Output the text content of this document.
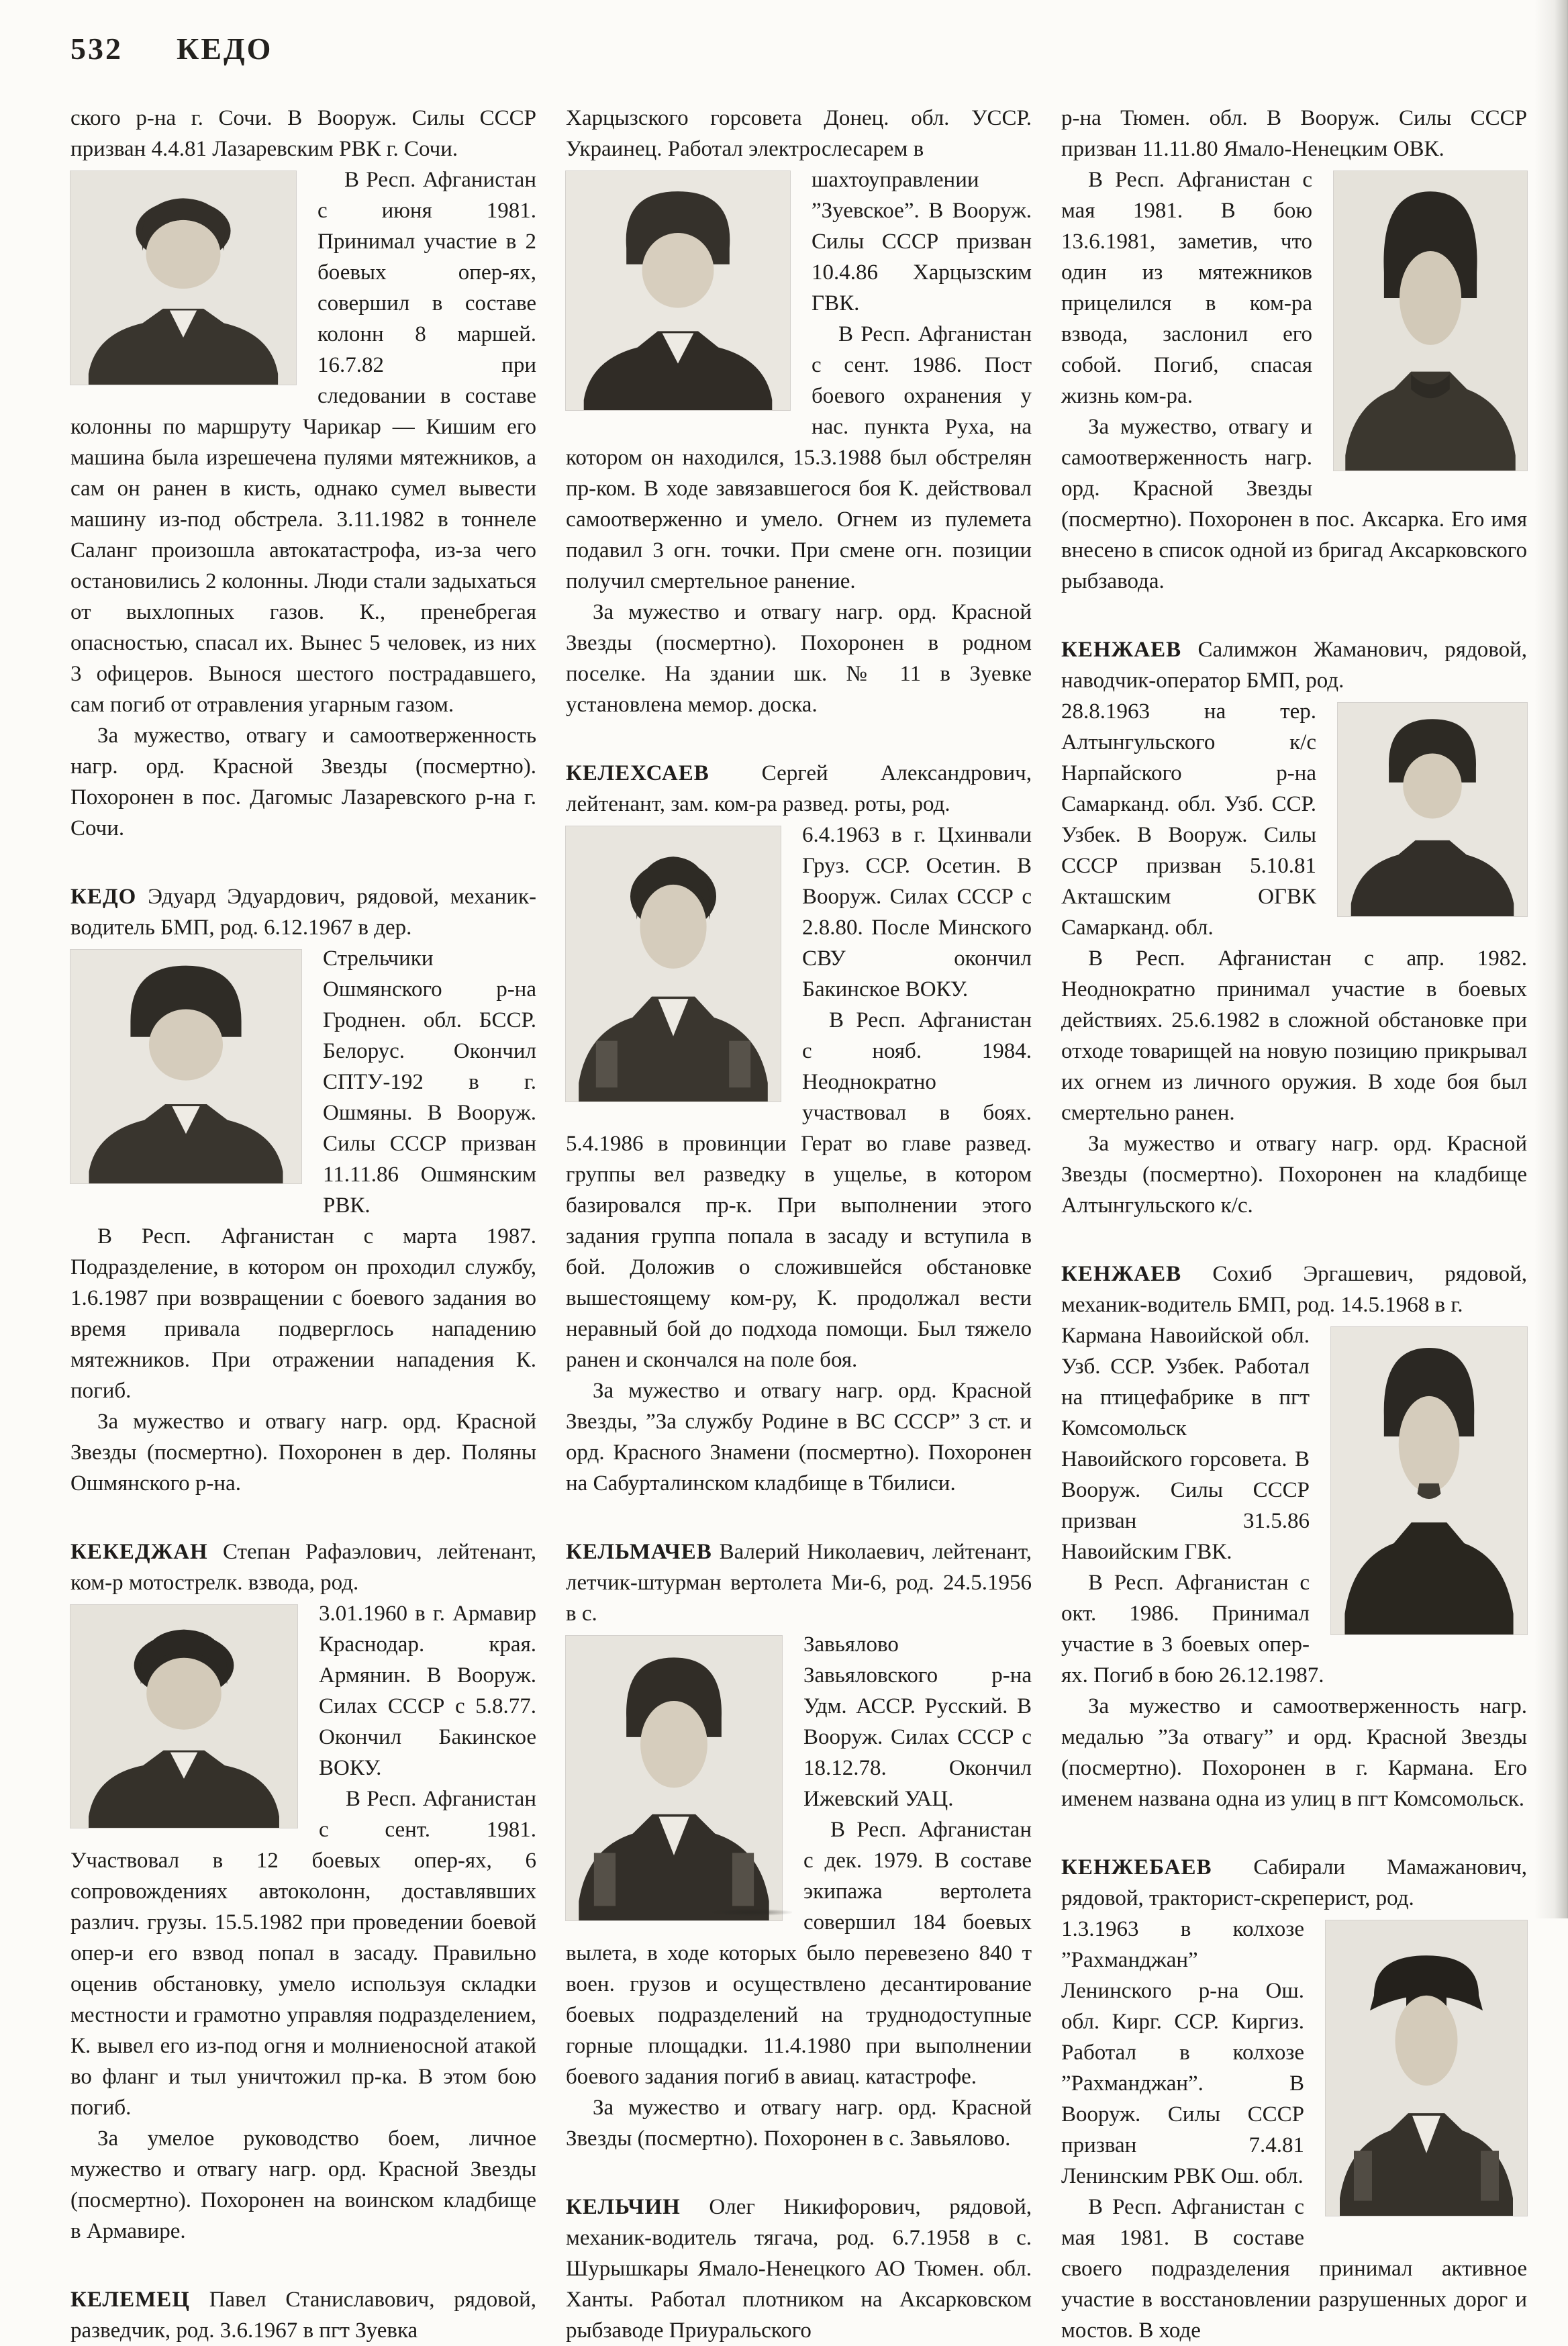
532 КЕДО

ского р-на г. Сочи. В Вооруж. Силы СССР призван 4.4.81 Лазаревским РВК г. Сочи.

В Респ. Афганистан с июня 1981. Принимал участие в 2 боевых опер-ях, совершил в составе колонн 8 маршей. 16.7.82 при следовании в составе колонны по маршруту Чарикар — Кишим его машина была изрешечена пулями мятежников, а сам он ранен в кисть, однако сумел вывести машину из-под обстрела. 3.11.1982 в тоннеле Саланг произошла автокатастрофа, из-за чего остановились 2 колонны. Люди стали задыхаться от выхлопных газов. К., пренебрегая опасностью, спасал их. Вынес 5 человек, из них 3 офицеров. Вынося шестого пострадавшего, сам погиб от отравления угарным газом.

За мужество, отвагу и самоотверженность нагр. орд. Красной Звезды (посмертно). Похоронен в пос. Дагомыс Лазаревского р-на г. Сочи.

КЕДО Эдуард Эдуардович, рядовой, механик-водитель БМП, род. 6.12.1967 в дер.

Стрельчики Ошмянского р-на Гроднен. обл. БССР. Белорус. Окончил СПТУ-192 в г. Ошмяны. В Вооруж. Силы СССР призван 11.11.86 Ошмянским РВК.

В Респ. Афганистан с марта 1987. Подразделение, в котором он проходил службу, 1.6.1987 при возвращении с боевого задания во время привала подверглось нападению мятежников. При отражении нападения К. погиб.

За мужество и отвагу нагр. орд. Красной Звезды (посмертно). Похоронен в дер. Поляны Ошмянского р-на.

КЕКЕДЖАН Степан Рафаэлович, лейтенант, ком-р мотострелк. взвода, род.

3.01.1960 в г. Армавир Краснодар. края. Армянин. В Вооруж. Силах СССР с 5.8.77. Окончил Бакинское ВОКУ.

В Респ. Афганистан с сент. 1981. Участвовал в 12 боевых опер-ях, 6 сопровождениях автоколонн, доставлявших различ. грузы. 15.5.1982 при проведении боевой опер-и его взвод попал в засаду. Правильно оценив обстановку, умело используя складки местности и грамотно управляя подразделением, К. вывел его из-под огня и молниеносной атакой во фланг и тыл уничтожил пр-ка. В этом бою погиб.

За умелое руководство боем, личное мужество и отвагу нагр. орд. Красной Звезды (посмертно). Похоронен на воинском кладбище в Армавире.

КЕЛЕМЕЦ Павел Станиславович, рядовой, разведчик, род. 3.6.1967 в пгт Зуевка

Харцызского горсовета Донец. обл. УССР. Украинец. Работал электрослесарем в

шахтоуправлении ”Зуевское”. В Вооруж. Силы СССР призван 10.4.86 Харцызским ГВК.

В Респ. Афганистан с сент. 1986. Пост боевого охранения у нас. пункта Руха, на котором он находился, 15.3.1988 был обстрелян пр-ком. В ходе завязавшегося боя К. действовал самоотверженно и умело. Огнем из пулемета подавил 3 огн. точки. При смене огн. позиции получил смертельное ранение.

За мужество и отвагу нагр. орд. Красной Звезды (посмертно). Похоронен в родном поселке. На здании шк. № 11 в Зуевке установлена мемор. доска.

КЕЛЕХСАЕВ Сергей Александрович, лейтенант, зам. ком-ра развед. роты, род.

6.4.1963 в г. Цхинвали Груз. ССР. Осетин. В Вооруж. Силах СССР с 2.8.80. После Минского СВУ окончил Бакинское ВОКУ.

В Респ. Афганистан с нояб. 1984. Неоднократно участвовал в боях. 5.4.1986 в провинции Герат во главе развед. группы вел разведку в ущелье, в котором базировался пр-к. При выполнении этого задания группа попала в засаду и вступила в бой. Доложив о сложившейся обстановке вышестоящему ком-ру, К. продолжал вести неравный бой до подхода помощи. Был тяжело ранен и скончался на поле боя.

За мужество и отвагу нагр. орд. Красной Звезды, ”За службу Родине в ВС СССР” 3 ст. и орд. Красного Знамени (посмертно). Похоронен на Сабурталинском кладбище в Тбилиси.

КЕЛЬМАЧЕВ Валерий Николаевич, лейтенант, летчик-штурман вертолета Ми-6, род. 24.5.1956 в с.

Завьялово Завьяловского р-на Удм. АССР. Русский. В Вооруж. Силах СССР с 18.12.78. Окончил Ижевский УАЦ.

В Респ. Афганистан с дек. 1979. В составе экипажа вертолета совершил 184 боевых вылета, в ходе которых было перевезено 840 т воен. грузов и осуществлено десантирование боевых подразделений на труднодоступные горные площадки. 11.4.1980 при выполнении боевого задания погиб в авиац. катастрофе.

За мужество и отвагу нагр. орд. Красной Звезды (посмертно). Похоронен в с. Завьялово.

КЕЛЬЧИН Олег Никифорович, рядовой, механик-водитель тягача, род. 6.7.1958 в с. Шурышкары Ямало-Ненецкого АО Тюмен. обл. Ханты. Работал плотником на Аксарковском рыбзаводе Приуральского

р-на Тюмен. обл. В Вооруж. Силы СССР призван 11.11.80 Ямало-Ненецким ОВК.

В Респ. Афганистан с мая 1981. В бою 13.6.1981, заметив, что один из мятежников прицелился в ком-ра взвода, заслонил его собой. Погиб, спасая жизнь ком-ра.

За мужество, отвагу и самоотверженность нагр. орд. Красной Звезды (посмертно). Похоронен в пос. Аксарка. Его имя внесено в список одной из бригад Аксарковского рыбзавода.

КЕНЖАЕВ Салимжон Жаманович, рядовой, наводчик-оператор БМП, род.

28.8.1963 на тер. Алтынгульского к/с Нарпайского р-на Самарканд. обл. Узб. ССР. Узбек. В Вооруж. Силы СССР призван 5.10.81 Акташским ОГВК Самарканд. обл.

В Респ. Афганистан с апр. 1982. Неоднократно принимал участие в боевых действиях. 25.6.1982 в сложной обстановке при отходе товарищей на новую позицию прикрывал их огнем из личного оружия. В ходе боя был смертельно ранен.

За мужество и отвагу нагр. орд. Красной Звезды (посмертно). Похоронен на кладбище Алтынгульского к/с.

КЕНЖАЕВ Сохиб Эргашевич, рядовой, механик-водитель БМП, род. 14.5.1968 в г.

Кармана Навоийской обл. Узб. ССР. Узбек. Работал на птицефабрике в пгт Комсомольск Навоийского горсовета. В Вооруж. Силы СССР призван 31.5.86 Навоийским ГВК.

В Респ. Афганистан с окт. 1986. Принимал участие в 3 боевых опер-ях. Погиб в бою 26.12.1987.

За мужество и самоотверженность нагр. медалью ”За отвагу” и орд. Красной Звезды (посмертно). Похоронен в г. Кармана. Его именем названа одна из улиц в пгт Комсомольск.

КЕНЖЕБАЕВ Сабирали Мамажанович, рядовой, тракторист-скреперист, род.

1.3.1963 в колхозе ”Рахманджан” Ленинского р-на Ош. обл. Кирг. ССР. Киргиз. Работал в колхозе ”Рахманджан”. В Вооруж. Силы СССР призван 7.4.81 Ленинским РВК Ош. обл.

В Респ. Афганистан с мая 1981. В составе своего подразделения принимал активное участие в восстановлении разрушенных дорог и мостов. В ходе
